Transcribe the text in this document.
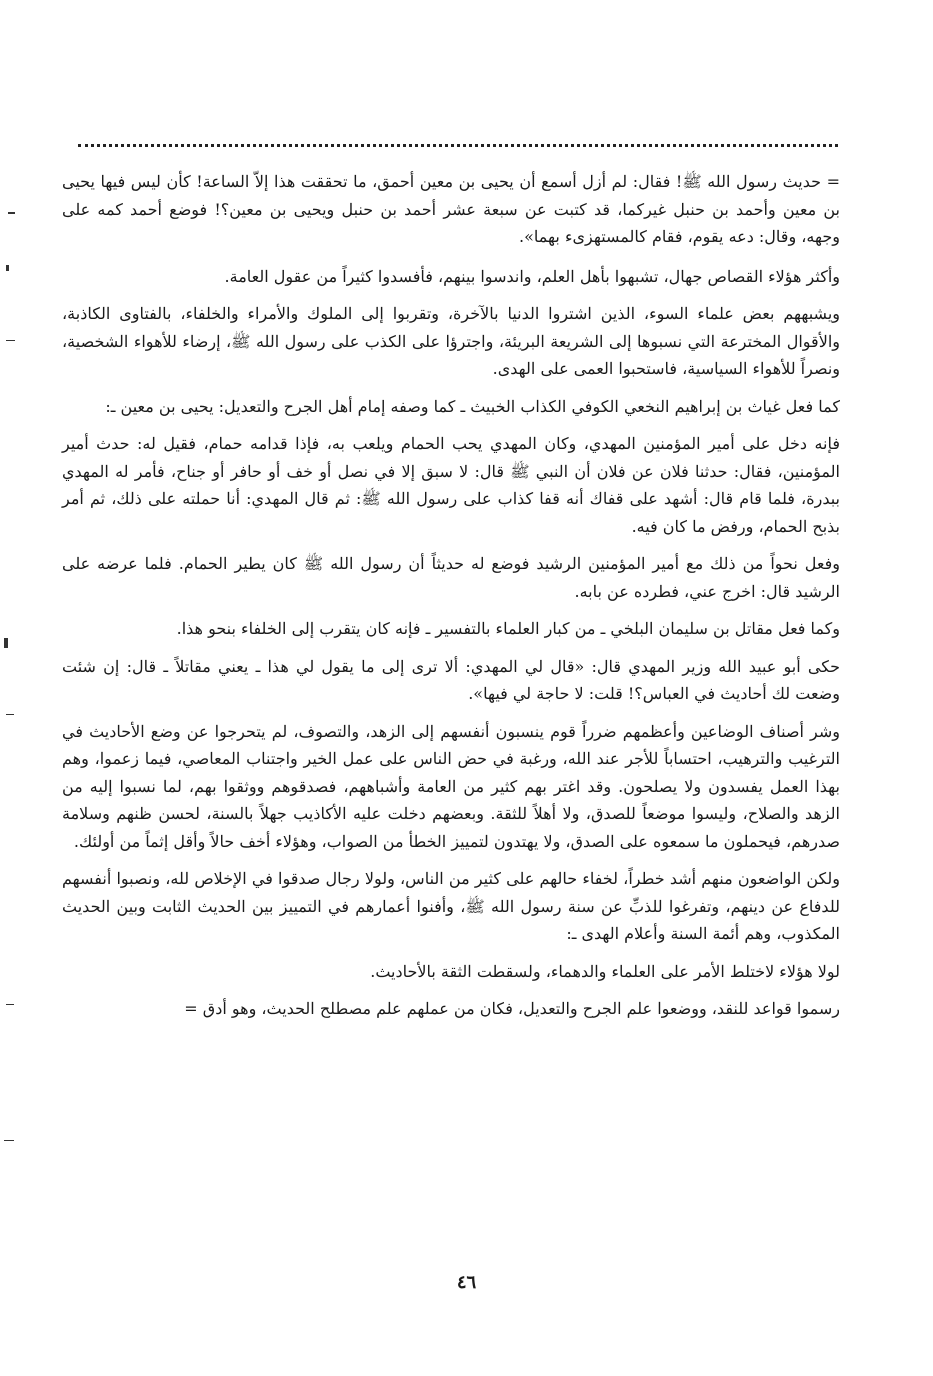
= حديث رسول الله ﷺ! فقال: لم أزل أسمع أن يحيى بن معين أحمق، ما تحققت هذا إلاّ الساعة! كأن ليس فيها يحيى بن معين وأحمد بن حنبل غيركما، قد كتبت عن سبعة عشر أحمد بن حنبل ويحيى بن معين؟! فوضع أحمد كمه على وجهه، وقال: دعه يقوم، فقام كالمستهزىء بهما».

وأكثر هؤلاء القصاص جهال، تشبهوا بأهل العلم، واندسوا بينهم، فأفسدوا كثيراً من عقول العامة.

ويشبههم بعض علماء السوء، الذين اشتروا الدنيا بالآخرة، وتقربوا إلى الملوك والأمراء والخلفاء، بالفتاوى الكاذبة، والأقوال المخترعة التي نسبوها إلى الشريعة البريئة، واجترؤا على الكذب على رسول الله ﷺ، إرضاء للأهواء الشخصية، ونصراً للأهواء السياسية، فاستحبوا العمى على الهدى.

كما فعل غياث بن إبراهيم النخعي الكوفي الكذاب الخبيث ـ كما وصفه إمام أهل الجرح والتعديل: يحيى بن معين ـ:

فإنه دخل على أمير المؤمنين المهدي، وكان المهدي يحب الحمام ويلعب به، فإذا قدامه حمام، فقيل له: حدث أمير المؤمنين، فقال: حدثنا فلان عن فلان أن النبي ﷺ قال: لا سبق إلا في نصل أو خف أو حافر أو جناح، فأمر له المهدي ببدرة، فلما قام قال: أشهد على قفاك أنه قفا كذاب على رسول الله ﷺ: ثم قال المهدي: أنا حملته على ذلك، ثم أمر بذبح الحمام، ورفض ما كان فيه.

وفعل نحواً من ذلك مع أمير المؤمنين الرشيد فوضع له حديثاً أن رسول الله ﷺ كان يطير الحمام. فلما عرضه على الرشيد قال: اخرج عني، فطرده عن بابه.

وكما فعل مقاتل بن سليمان البلخي ـ من كبار العلماء بالتفسير ـ فإنه كان يتقرب إلى الخلفاء بنحو هذا.

حكى أبو عبيد الله وزير المهدي قال: «قال لي المهدي: ألا ترى إلى ما يقول لي هذا ـ يعني مقاتلاً ـ قال: إن شئت وضعت لك أحاديث في العباس؟! قلت: لا حاجة لي فيها».

وشر أصناف الوضاعين وأعظمهم ضرراً قوم ينسبون أنفسهم إلى الزهد، والتصوف، لم يتحرجوا عن وضع الأحاديث في الترغيب والترهيب، احتساباً للأجر عند الله، ورغبة في حض الناس على عمل الخير واجتناب المعاصي، فيما زعموا، وهم بهذا العمل يفسدون ولا يصلحون. وقد اغتر بهم كثير من العامة وأشباههم، فصدقوهم ووثقوا بهم، لما نسبوا إليه من الزهد والصلاح، وليسوا موضعاً للصدق، ولا أهلاً للثقة. وبعضهم دخلت عليه الأكاذيب جهلاً بالسنة، لحسن ظنهم وسلامة صدرهم، فيحملون ما سمعوه على الصدق، ولا يهتدون لتمييز الخطأ من الصواب، وهؤلاء أخف حالاً وأقل إثماً من أولئك.

ولكن الواضعون منهم أشد خطراً، لخفاء حالهم على كثير من الناس، ولولا رجال صدقوا في الإخلاص لله، ونصبوا أنفسهم للدفاع عن دينهم، وتفرغوا للذبِّ عن سنة رسول الله ﷺ، وأفنوا أعمارهم في التمييز بين الحديث الثابت وبين الحديث المكذوب، وهم أئمة السنة وأعلام الهدى ـ:

لولا هؤلاء لاختلط الأمر على العلماء والدهماء، ولسقطت الثقة بالأحاديث.

رسموا قواعد للنقد، ووضعوا علم الجرح والتعديل، فكان من عملهم علم مصطلح الحديث، وهو أدق =

٤٦
